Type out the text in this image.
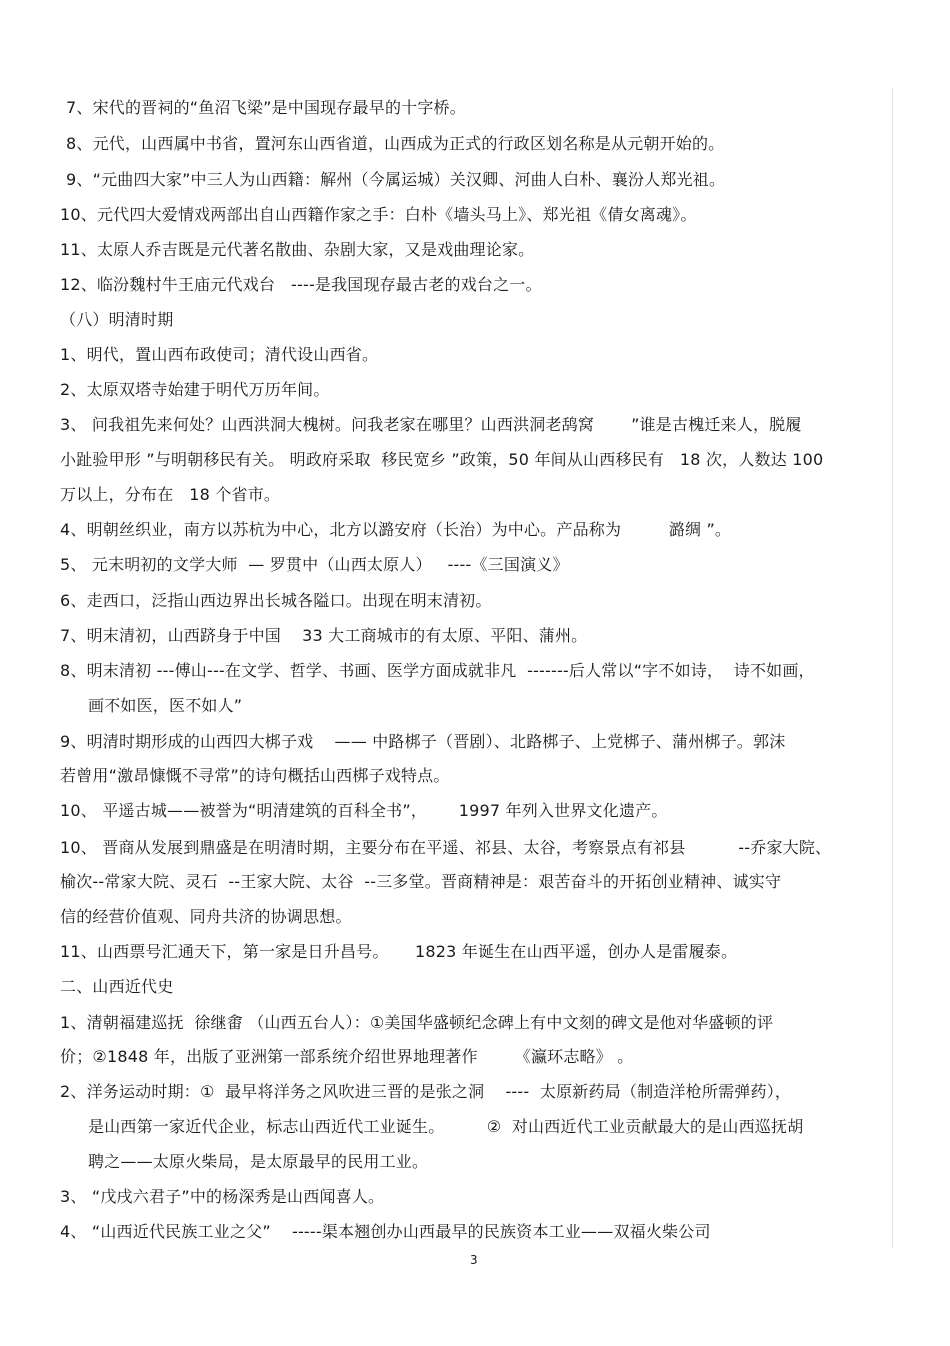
7、宋代的晋祠的“鱼沼飞梁”是中国现存最早的十字桥。
8、元代，山西属中书省，置河东山西省道，山西成为正式的行政区划名称是从元朝开始的。
9、“元曲四大家”中三人为山西籍：解州（今属运城）关汉卿、河曲人白朴、襄汾人郑光祖。
10、元代四大爱情戏两部出自山西籍作家之手：白朴《墙头马上》、郑光祖《倩女离魂》。
11、太原人乔吉既是元代著名散曲、杂剧大家，又是戏曲理论家。
12、临汾魏村牛王庙元代戏台   ----是我国现存最古老的戏台之一。
（八）明清时期
1、明代，置山西布政使司；清代设山西省。
2、太原双塔寺始建于明代万历年间。
3、 问我祖先来何处？山西洪洞大槐树。问我老家在哪里？山西洪洞老鸹窝       ”谁是古槐迁来人，脱履
小趾验甲形 ”与明朝移民有关。 明政府采取  移民宽乡 ”政策，50 年间从山西移民有   18 次，人数达 100
万以上，分布在   18 个省市。
4、明朝丝织业，南方以苏杭为中心，北方以潞安府（长治）为中心。产品称为         潞绸 ”。
5、 元末明初的文学大师  — 罗贯中（山西太原人）   ----《三国演义》
6、走西口，泛指山西边界出长城各隘口。出现在明末清初。
7、明末清初，山西跻身于中国    33 大工商城市的有太原、平阳、蒲州。
8、明末清初 ---傅山---在文学、哲学、书画、医学方面成就非凡  -------后人常以“字不如诗，  诗不如画，
画不如医，医不如人”
9、明清时期形成的山西四大梆子戏    —— 中路梆子（晋剧）、北路梆子、上党梆子、蒲州梆子。郭沫
若曾用“激昂慷慨不寻常”的诗句概括山西梆子戏特点。
10、 平遥古城——被誉为“明清建筑的百科全书”，      1997 年列入世界文化遗产。
10、 晋商从发展到鼎盛是在明清时期，主要分布在平遥、祁县、太谷，考察景点有祁县          --乔家大院、
榆次--常家大院、灵石  --王家大院、太谷  --三多堂。晋商精神是：艰苦奋斗的开拓创业精神、诚实守
信的经营价值观、同舟共济的协调思想。
11、山西票号汇通天下，第一家是日升昌号。     1823 年诞生在山西平遥，创办人是雷履泰。
二、山西近代史
1、清朝福建巡抚  徐继畬 （山西五台人）：①美国华盛顿纪念碑上有中文刻的碑文是他对华盛顿的评
价；②1848 年，出版了亚洲第一部系统介绍世界地理著作       《瀛环志略》 。
2、洋务运动时期：①  最早将洋务之风吹进三晋的是张之洞    ----  太原新药局（制造洋枪所需弹药），
是山西第一家近代企业，标志山西近代工业诞生。        ②  对山西近代工业贡献最大的是山西巡抚胡
聘之——太原火柴局，是太原最早的民用工业。
3、 “戊戌六君子”中的杨深秀是山西闻喜人。
4、 “山西近代民族工业之父”    -----渠本翘创办山西最早的民族资本工业——双福火柴公司
3
